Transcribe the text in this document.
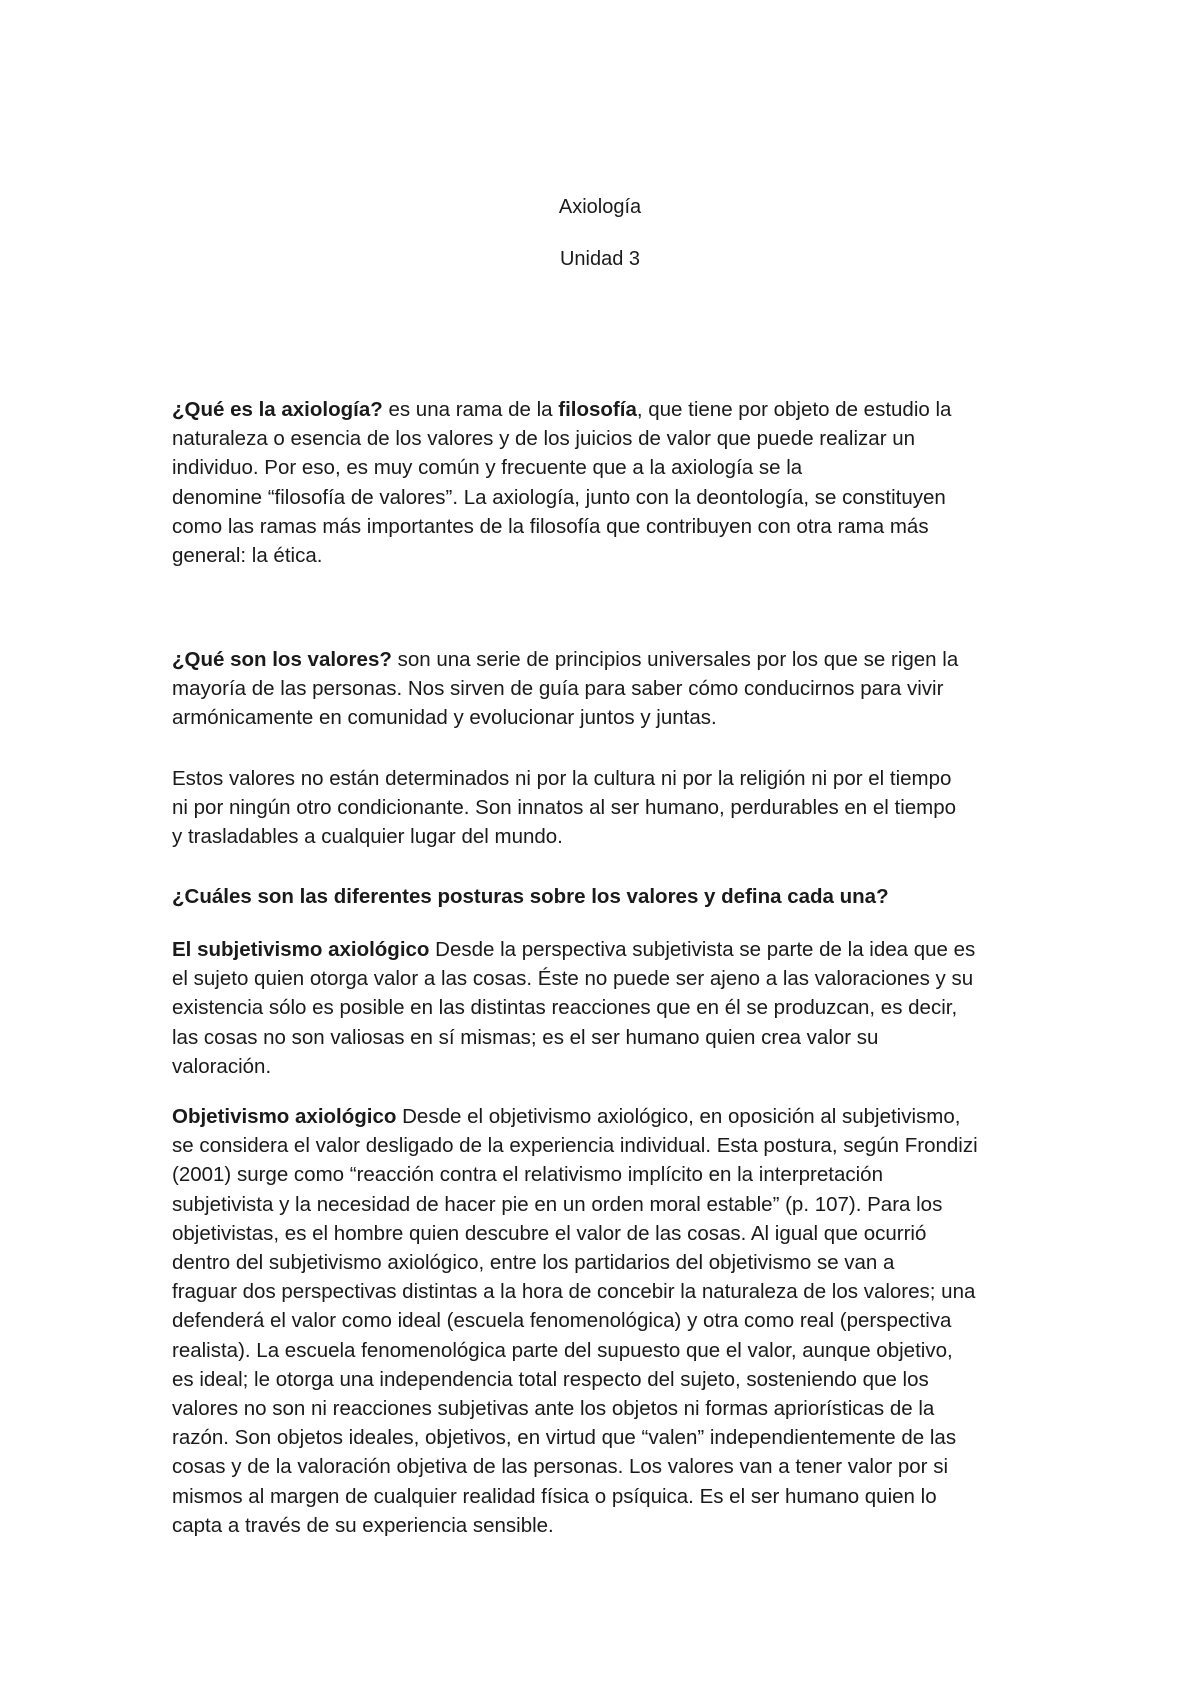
Axiología
Unidad 3

¿Qué es la axiología? es una rama de la filosofía, que tiene por objeto de estudio la
naturaleza o esencia de los valores y de los juicios de valor que puede realizar un
individuo. Por eso, es muy común y frecuente que a la axiología se la
denomine “filosofía de valores”. La axiología, junto con la deontología, se constituyen
como las ramas más importantes de la filosofía que contribuyen con otra rama más
general: la ética.

¿Qué son los valores? son una serie de principios universales por los que se rigen la
mayoría de las personas. Nos sirven de guía para saber cómo conducirnos para vivir
armónicamente en comunidad y evolucionar juntos y juntas.

Estos valores no están determinados ni por la cultura ni por la religión ni por el tiempo
ni por ningún otro condicionante. Son innatos al ser humano, perdurables en el tiempo
y trasladables a cualquier lugar del mundo.

¿Cuáles son las diferentes posturas sobre los valores y defina cada una?

El subjetivismo axiológico Desde la perspectiva subjetivista se parte de la idea que es
el sujeto quien otorga valor a las cosas. Éste no puede ser ajeno a las valoraciones y su
existencia sólo es posible en las distintas reacciones que en él se produzcan, es decir,
las cosas no son valiosas en sí mismas; es el ser humano quien crea valor su
valoración.

Objetivismo axiológico Desde el objetivismo axiológico, en oposición al subjetivismo,
se considera el valor desligado de la experiencia individual. Esta postura, según Frondizi
(2001) surge como “reacción contra el relativismo implícito en la interpretación
subjetivista y la necesidad de hacer pie en un orden moral estable” (p. 107). Para los
objetivistas, es el hombre quien descubre el valor de las cosas. Al igual que ocurrió
dentro del subjetivismo axiológico, entre los partidarios del objetivismo se van a
fraguar dos perspectivas distintas a la hora de concebir la naturaleza de los valores; una
defenderá el valor como ideal (escuela fenomenológica) y otra como real (perspectiva
realista). La escuela fenomenológica parte del supuesto que el valor, aunque objetivo,
es ideal; le otorga una independencia total respecto del sujeto, sosteniendo que los
valores no son ni reacciones subjetivas ante los objetos ni formas apriorísticas de la
razón. Son objetos ideales, objetivos, en virtud que “valen” independientemente de las
cosas y de la valoración objetiva de las personas. Los valores van a tener valor por si
mismos al margen de cualquier realidad física o psíquica. Es el ser humano quien lo
capta a través de su experiencia sensible.
